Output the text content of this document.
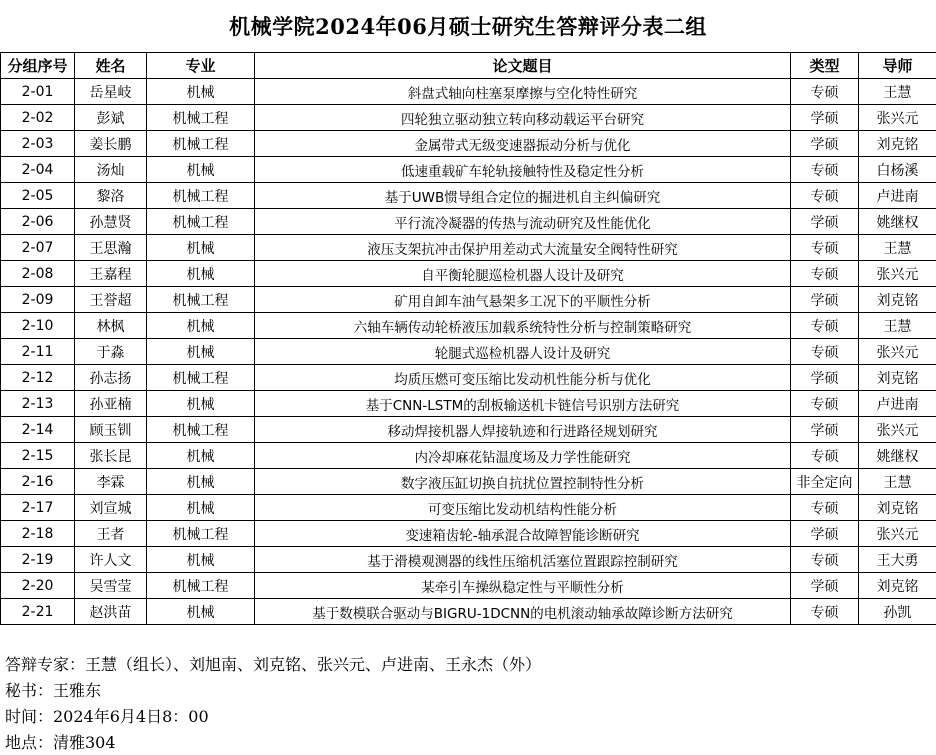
机械学院2024年06月硕士研究生答辩评分表二组
分组序号	姓名	专业	论文题目	类型	导师
2-01	岳星岐	机械	斜盘式轴向柱塞泵摩擦与空化特性研究	专硕	王慧
2-02	彭斌	机械工程	四轮独立驱动独立转向移动载运平台研究	学硕	张兴元
2-03	姜长鹏	机械工程	金属带式无级变速器振动分析与优化	学硕	刘克铭
2-04	汤灿	机械	低速重载矿车轮轨接触特性及稳定性分析	专硕	白杨溪
2-05	黎洛	机械工程	基于UWB惯导组合定位的掘进机自主纠偏研究	专硕	卢进南
2-06	孙慧贤	机械工程	平行流冷凝器的传热与流动研究及性能优化	学硕	姚继权
2-07	王思瀚	机械	液压支架抗冲击保护用差动式大流量安全阀特性研究	专硕	王慧
2-08	王嘉程	机械	自平衡轮腿巡检机器人设计及研究	专硕	张兴元
2-09	王誉超	机械工程	矿用自卸车油气悬架多工况下的平顺性分析	学硕	刘克铭
2-10	林枫	机械	六轴车辆传动轮桥液压加载系统特性分析与控制策略研究	专硕	王慧
2-11	于淼	机械	轮腿式巡检机器人设计及研究	专硕	张兴元
2-12	孙志扬	机械工程	均质压燃可变压缩比发动机性能分析与优化	学硕	刘克铭
2-13	孙亚楠	机械	基于CNN-LSTM的刮板输送机卡链信号识别方法研究	专硕	卢进南
2-14	顾玉钏	机械工程	移动焊接机器人焊接轨迹和行进路径规划研究	学硕	张兴元
2-15	张长昆	机械	内冷却麻花钻温度场及力学性能研究	专硕	姚继权
2-16	李霖	机械	数字液压缸切换自抗扰位置控制特性分析	非全定向	王慧
2-17	刘宣城	机械	可变压缩比发动机结构性能分析	专硕	刘克铭
2-18	王者	机械工程	变速箱齿轮-轴承混合故障智能诊断研究	学硕	张兴元
2-19	许人文	机械	基于滑模观测器的线性压缩机活塞位置跟踪控制研究	专硕	王大勇
2-20	吴雪莹	机械工程	某牵引车操纵稳定性与平顺性分析	学硕	刘克铭
2-21	赵洪苗	机械	基于数模联合驱动与BIGRU-1DCNN的电机滚动轴承故障诊断方法研究	专硕	孙凯

答辩专家：王慧（组长）、刘旭南、刘克铭、张兴元、卢进南、王永杰（外）
秘书：王雅东
时间：2024年6月4日8：00
地点：清雅304
